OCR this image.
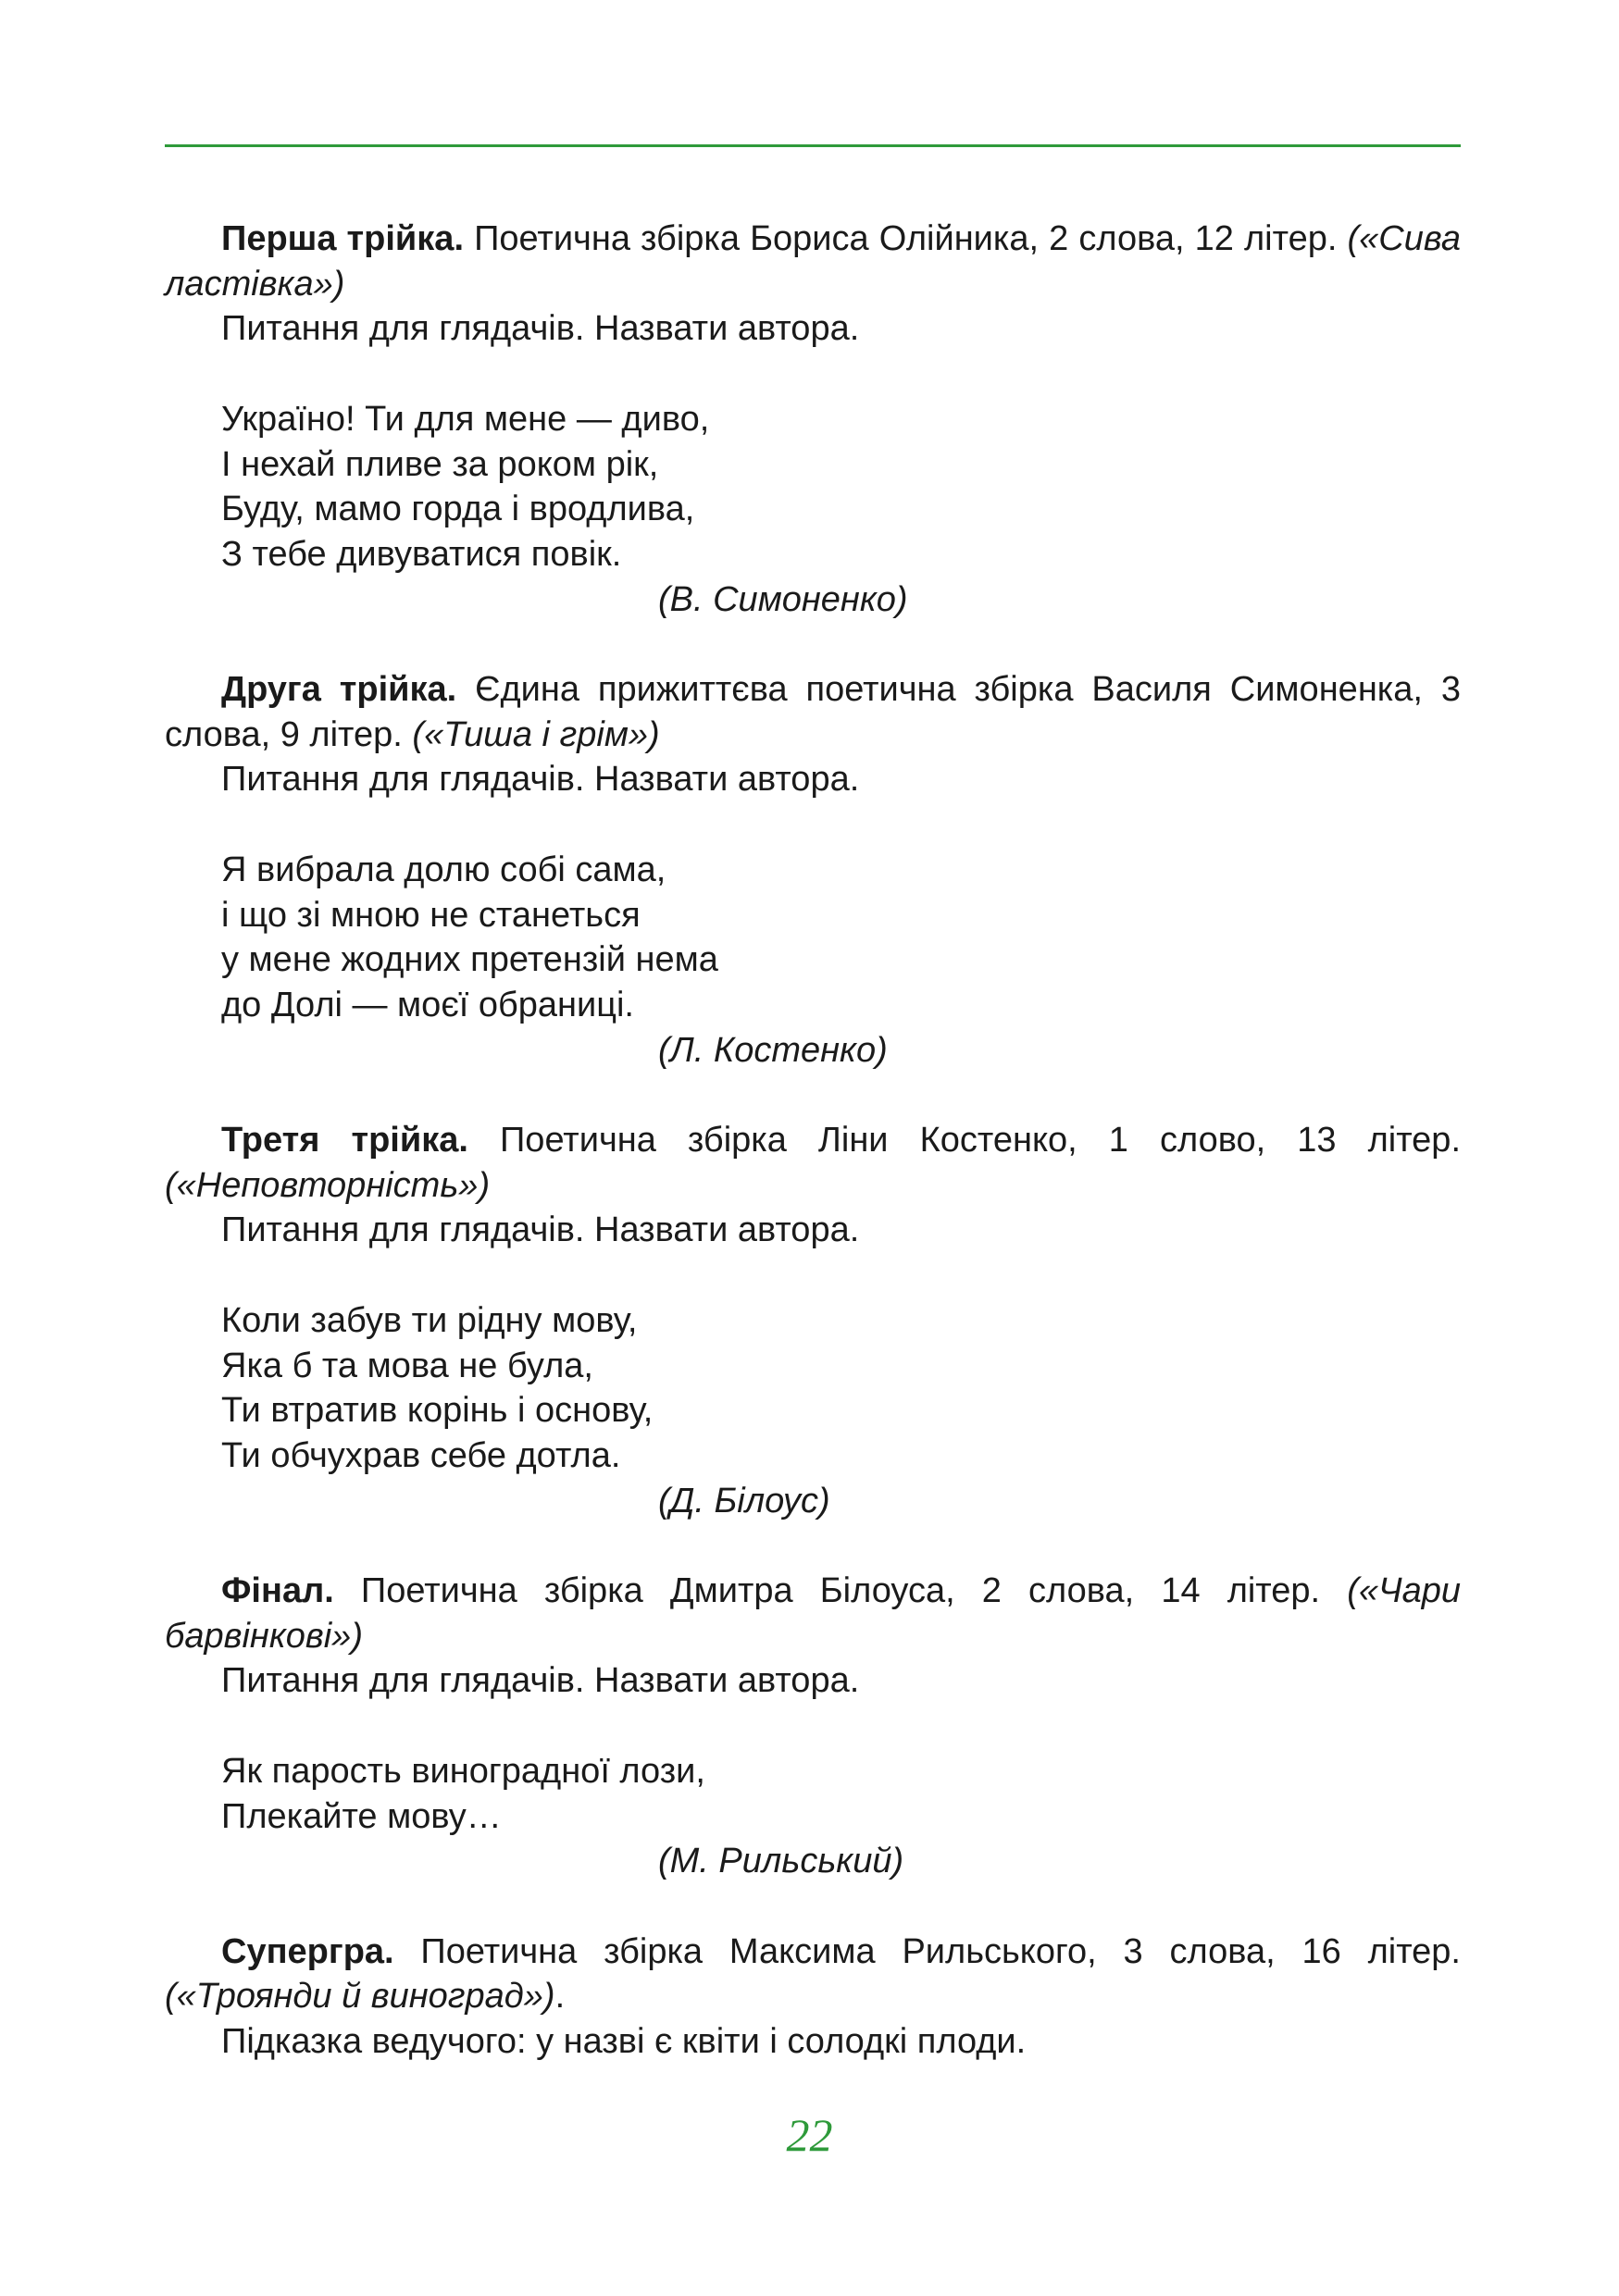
Перша трійка. Поетична збірка Бориса Олійника, 2 слова, 12 літер. («Сива ластівка»)

Питання для глядачів. Назвати автора.

Україно! Ти для мене — диво,

І нехай пливе за роком рік,

Буду, мамо горда і вродлива,

З тебе дивуватися повік.

(В. Симоненко)

Друга трійка. Єдина прижиттєва поетична збірка Василя Симоненка, 3 слова, 9 літер. («Тиша і грім»)

Питання для глядачів. Назвати автора.

Я вибрала долю собі сама,

і що зі мною не станеться

у мене жодних претензій нема

до Долі — моєї обраниці.

(Л. Костенко)

Третя трійка. Поетична збірка Ліни Костенко, 1 слово, 13 літер. («Неповторність»)

Питання для глядачів. Назвати автора.

Коли забув ти рідну мову,

Яка б та мова не була,

Ти втратив корінь і основу,

Ти обчухрав себе дотла.

(Д. Білоус)

Фінал. Поетична збірка Дмитра Білоуса, 2 слова, 14 літер. («Чари барвінкові»)

Питання для глядачів. Назвати автора.

Як парость виноградної лози,

Плекайте мову…

(М. Рильський)

Супергра. Поетична збірка Максима Рильського, 3 слова, 16 літер. («Троянди й виноград»).

Підказка ведучого: у назві є квіти і солодкі плоди.

22
